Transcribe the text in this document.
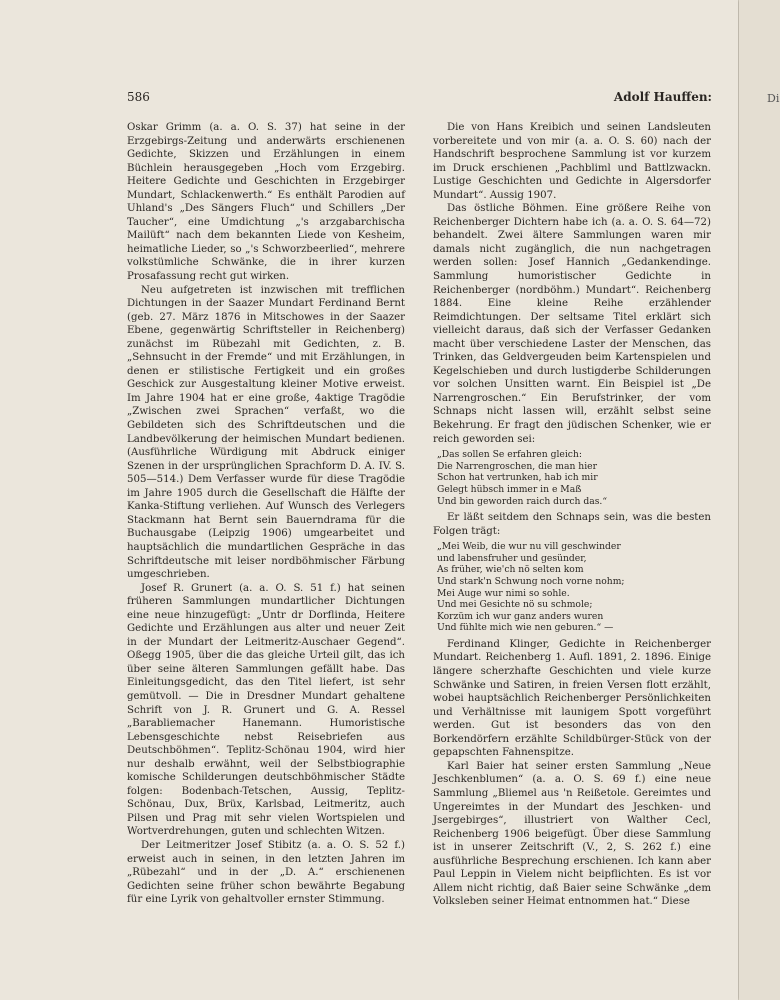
586	Adolf Hauffen:

Oskar Grimm (a. a. O. S. 37) hat seine in der Erzgebirgs-Zeitung und anderwärts erschienenen Gedichte, Skizzen und Erzählungen in einem Büchlein herausgegeben „Hoch vom Erzgebirg. Heitere Gedichte und Geschichten in Erzgebirger Mundart, Schlackenwerth.“ Es enthält Parodien auf Uhland's „Des Sängers Fluch“ und Schillers „Der Taucher“, eine Umdichtung „'s arzgabarchischa Mailüft“ nach dem bekannten Liede von Kesheim, heimatliche Lieder, so „'s Schworzbeerlied“, mehrere volkstümliche Schwänke, die in ihrer kurzen Prosafassung recht gut wirken.

Neu aufgetreten ist inzwischen mit trefflichen Dichtungen in der Saazer Mundart Ferdinand Bernt (geb. 27. März 1876 in Mitschowes in der Saazer Ebene, gegenwärtig Schriftsteller in Reichenberg) zunächst im Rübezahl mit Gedichten, z. B. „Sehnsucht in der Fremde“ und mit Erzählungen, in denen er stilistische Fertigkeit und ein großes Geschick zur Ausgestaltung kleiner Motive erweist. Im Jahre 1904 hat er eine große, 4aktige Tragödie „Zwischen zwei Sprachen“ verfaßt, wo die Gebildeten sich des Schriftdeutschen und die Landbevölkerung der heimischen Mundart bedienen. (Ausführliche Würdigung mit Abdruck einiger Szenen in der ursprünglichen Sprachform D. A. IV. S. 505—514.) Dem Verfasser wurde für diese Tragödie im Jahre 1905 durch die Gesellschaft die Hälfte der Kanka-Stiftung verliehen. Auf Wunsch des Verlegers Stackmann hat Bernt sein Bauerndrama für die Buchausgabe (Leipzig 1906) umgearbeitet und hauptsächlich die mundartlichen Gespräche in das Schriftdeutsche mit leiser nordböhmischer Färbung umgeschrieben.

Josef R. Grunert (a. a. O. S. 51 f.) hat seinen früheren Sammlungen mundartlicher Dichtungen eine neue hinzugefügt: „Untr dr Dorflinda, Heitere Gedichte und Erzählungen aus alter und neuer Zeit in der Mundart der Leitmeritz-Auschaer Gegend“. Oßegg 1905, über die das gleiche Urteil gilt, das ich über seine älteren Sammlungen gefällt habe. Das Einleitungsgedicht, das den Titel liefert, ist sehr gemütvoll. — Die in Dresdner Mundart gehaltene Schrift von J. R. Grunert und G. A. Ressel „Barabliemacher Hanemann. Humoristische Lebensgeschichte nebst Reisebriefen aus Deutschböhmen“. Teplitz-Schönau 1904, wird hier nur deshalb erwähnt, weil der Selbstbiographie komische Schilderungen deutschböhmischer Städte folgen: Bodenbach-Tetschen, Aussig, Teplitz-Schönau, Dux, Brüx, Karlsbad, Leitmeritz, auch Pilsen und Prag mit sehr vielen Wortspielen und Wortverdrehungen, guten und schlechten Witzen.

Der Leitmeritzer Josef Stibitz (a. a. O. S. 52 f.) erweist auch in seinen, in den letzten Jahren im „Rübezahl“ und in der „D. A.“ erschienenen Gedichten seine früher schon bewährte Begabung für eine Lyrik von gehaltvoller ernster Stimmung.

Die von Hans Kreibich und seinen Landsleuten vorbereitete und von mir (a. a. O. S. 60) nach der Handschrift besprochene Sammlung ist vor kurzem im Druck erschienen „Pachbliml und Battlzwackn. Lustige Geschichten und Gedichte in Algersdorfer Mundart“. Aussig 1907.

Das östliche Böhmen. Eine größere Reihe von Reichenberger Dichtern habe ich (a. a. O. S. 64—72) behandelt. Zwei ältere Sammlungen waren mir damals nicht zugänglich, die nun nachgetragen werden sollen: Josef Hannich „Gedankendinge. Sammlung humoristischer Gedichte in Reichenberger (nordböhm.) Mundart“. Reichenberg 1884. Eine kleine Reihe erzählender Reimdichtungen. Der seltsame Titel erklärt sich vielleicht daraus, daß sich der Verfasser Gedanken macht über verschiedene Laster der Menschen, das Trinken, das Geldvergeuden beim Kartenspielen und Kegelschieben und durch lustigderbe Schilderungen vor solchen Unsitten warnt. Ein Beispiel ist „De Narrengroschen.“ Ein Berufstrinker, der vom Schnaps nicht lassen will, erzählt selbst seine Bekehrung. Er fragt den jüdischen Schenker, wie er reich geworden sei:

„Das sollen Se erfahren gleich:
Die Narrengroschen, die man hier
Schon hat vertrunken, hab ich mir
Gelegt hübsch immer in e Maß
Und bin geworden raich durch das.“

Er läßt seitdem den Schnaps sein, was die besten Folgen trägt:

„Mei Weib, die wur nu vill geschwinder
und labensfruher und gesünder,
As früher, wie'ch nö selten kom
Und stark'n Schwung noch vorne nohm;
Mei Auge wur nimi so sohle.
Und mei Gesichte nö su schmole;
Korzüm ich wur ganz anders wuren
Und fühlte mich wie nen geburen.“ —

Ferdinand Klinger, Gedichte in Reichenberger Mundart. Reichenberg 1. Aufl. 1891, 2. 1896. Einige längere scherzhafte Geschichten und viele kurze Schwänke und Satiren, in freien Versen flott erzählt, wobei hauptsächlich Reichenberger Persönlichkeiten und Verhältnisse mit launigem Spott vorgeführt werden. Gut ist besonders das von den Borkendörfern erzählte Schildbürger-Stück von der gepapschten Fahnenspitze.

Karl Baier hat seiner ersten Sammlung „Neue Jeschkenblumen“ (a. a. O. S. 69 f.) eine neue Sammlung „Bliemel aus 'n Reißetole. Gereimtes und Ungereimtes in der Mundart des Jeschken- und Jsergebirges“, illustriert von Walther Cecl, Reichenberg 1906 beigefügt. Über diese Sammlung ist in unserer Zeitschrift (V., 2, S. 262 f.) eine ausführliche Besprechung erschienen. Ich kann aber Paul Leppin in Vielem nicht beipflichten. Es ist vor Allem nicht richtig, daß Baier seine Schwänke „dem Volksleben seiner Heimat entnommen hat.“ Diese

Di
